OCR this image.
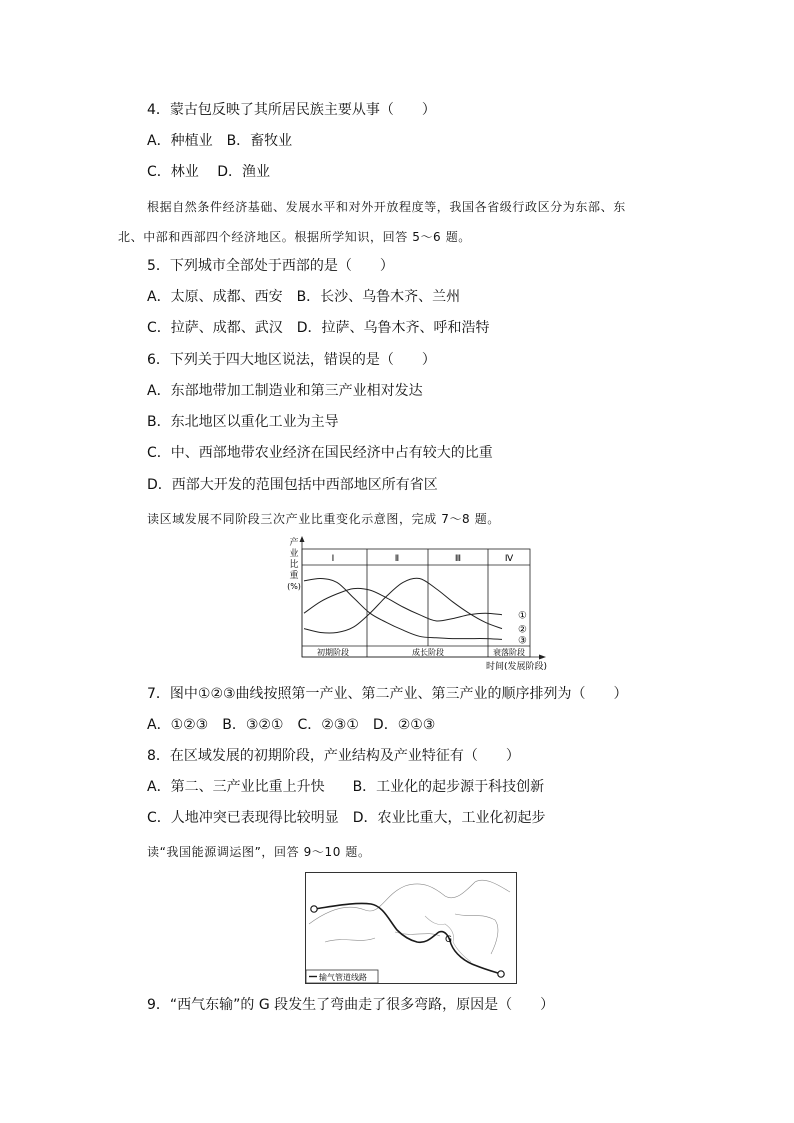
4．蒙古包反映了其所居民族主要从事（　　）
A．种植业　B．畜牧业
C．林业　 D．渔业
根据自然条件经济基础、发展水平和对外开放程度等，我国各省级行政区分为东部、东
北、中部和西部四个经济地区。根据所学知识，回答 5～6 题。
5．下列城市全部处于西部的是（　　）
A．太原、成都、西安　B．长沙、乌鲁木齐、兰州
C．拉萨、成都、武汉　D．拉萨、乌鲁木齐、呼和浩特
6．下列关于四大地区说法，错误的是（　　）
A．东部地带加工制造业和第三产业相对发达
B．东北地区以重化工业为主导
C．中、西部地带农业经济在国民经济中占有较大的比重
D．西部大开发的范围包括中西部地区所有省区
读区域发展不同阶段三次产业比重变化示意图，完成 7～8 题。
产
业
比
重
(%)
Ⅰ	Ⅱ	Ⅲ	Ⅳ
初期阶段	成长阶段	衰落阶段
时间(发展阶段)
①
②
③
7．图中①②③曲线按照第一产业、第二产业、第三产业的顺序排列为（　　）
A．①②③　B．③②①　C．②③①　D．②①③
8．在区域发展的初期阶段，产业结构及产业特征有（　　）
A．第二、三产业比重上升快　　B．工业化的起步源于科技创新
C．人地冲突已表现得比较明显　D．农业比重大，工业化初起步
读“我国能源调运图”，回答 9～10 题。
G
输气管道线路
9．“西气东输”的 G 段发生了弯曲走了很多弯路，原因是（　　）
